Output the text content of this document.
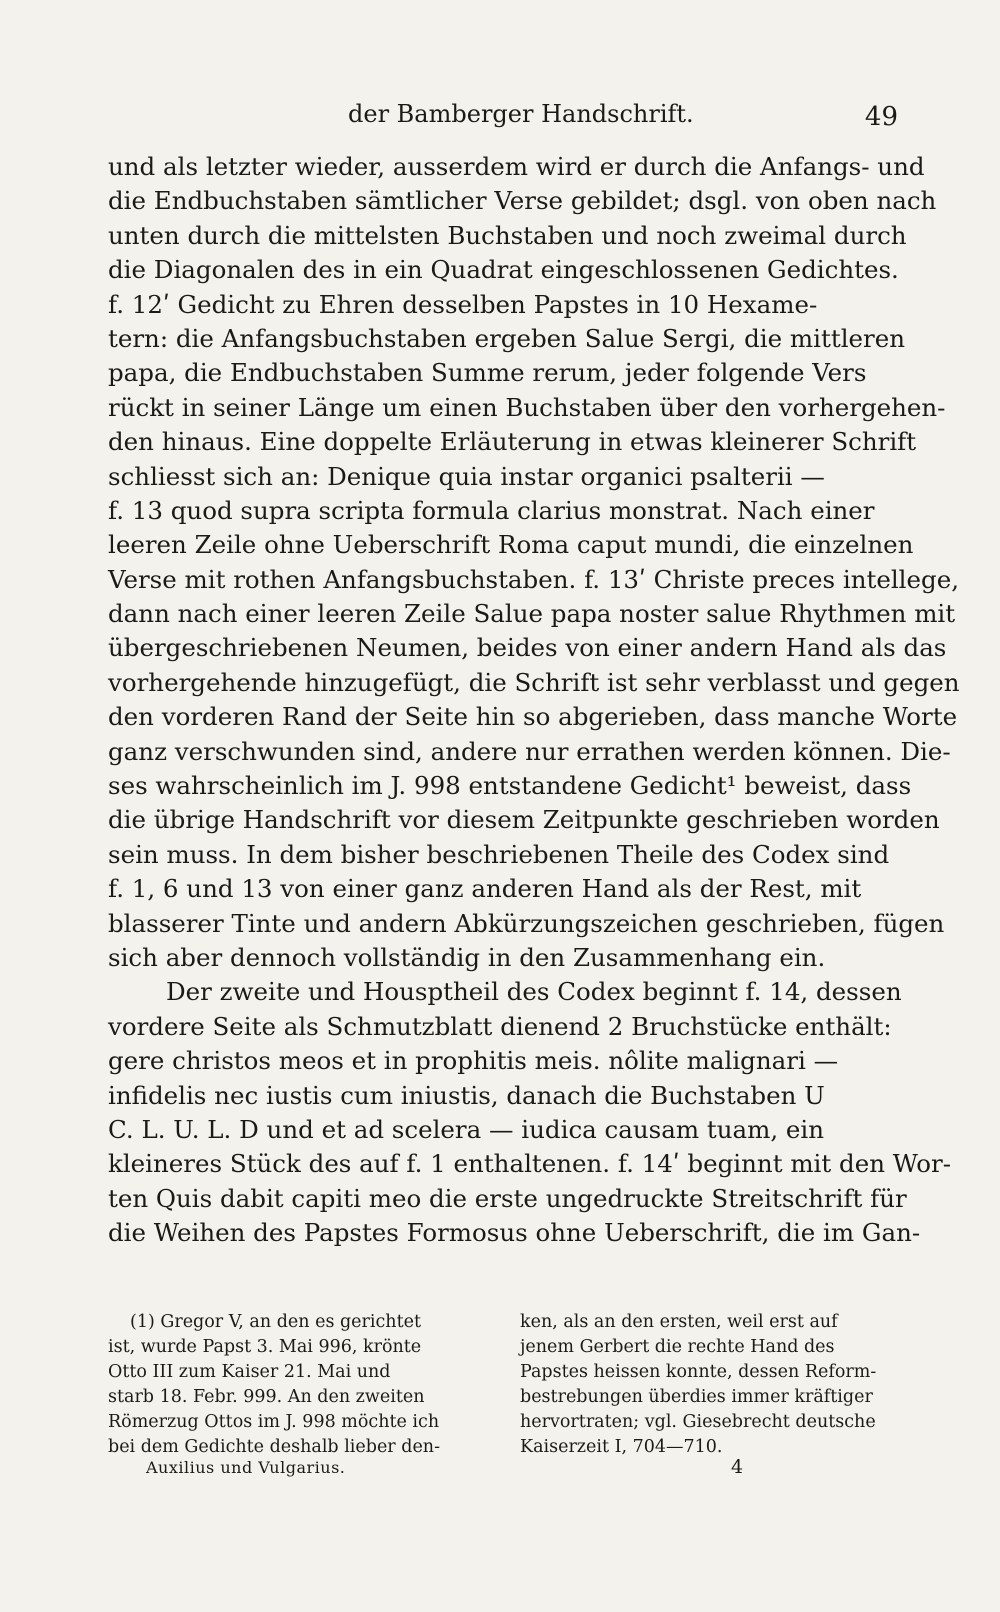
der Bamberger Handschrift.	49
und als letzter wieder, ausserdem wird er durch die Anfangs- und
die Endbuchstaben sämtlicher Verse gebildet; dsgl. von oben nach
unten durch die mittelsten Buchstaben und noch zweimal durch
die Diagonalen des in ein Quadrat eingeschlossenen Gedichtes.
f. 12ʹ Gedicht zu Ehren desselben Papstes in 10 Hexame-
tern: die Anfangsbuchstaben ergeben Salue Sergi, die mittleren
papa, die Endbuchstaben Summe rerum, jeder folgende Vers
rückt in seiner Länge um einen Buchstaben über den vorhergehen-
den hinaus. Eine doppelte Erläuterung in etwas kleinerer Schrift
schliesst sich an: Denique quia instar organici psalterii —
f. 13 quod supra scripta formula clarius monstrat. Nach einer
leeren Zeile ohne Ueberschrift Roma caput mundi, die einzelnen
Verse mit rothen Anfangsbuchstaben. f. 13ʹ Christe preces intellege,
dann nach einer leeren Zeile Salue papa noster salue Rhythmen mit
übergeschriebenen Neumen, beides von einer andern Hand als das
vorhergehende hinzugefügt, die Schrift ist sehr verblasst und gegen
den vorderen Rand der Seite hin so abgerieben, dass manche Worte
ganz verschwunden sind, andere nur errathen werden können. Die-
ses wahrscheinlich im J. 998 entstandene Gedicht¹ beweist, dass
die übrige Handschrift vor diesem Zeitpunkte geschrieben worden
sein muss. In dem bisher beschriebenen Theile des Codex sind
f. 1, 6 und 13 von einer ganz anderen Hand als der Rest, mit
blasserer Tinte und andern Abkürzungszeichen geschrieben, fügen
sich aber dennoch vollständig in den Zusammenhang ein.
Der zweite und Housptheil des Codex beginnt f. 14, dessen
vordere Seite als Schmutzblatt dienend 2 Bruchstücke enthält:
gere christos meos et in prophitis meis. nôlite malignari —
infidelis nec iustis cum iniustis, danach die Buchstaben U
C. L. U. L. D und et ad scelera — iudica causam tuam, ein
kleineres Stück des auf f. 1 enthaltenen. f. 14ʹ beginnt mit den Wor-
ten Quis dabit capiti meo die erste ungedruckte Streitschrift für
die Weihen des Papstes Formosus ohne Ueberschrift, die im Gan-
(1) Gregor V, an den es gerichtet
ist, wurde Papst 3. Mai 996, krönte
Otto III zum Kaiser 21. Mai und
starb 18. Febr. 999. An den zweiten
Römerzug Ottos im J. 998 möchte ich
bei dem Gedichte deshalb lieber den-
ken, als an den ersten, weil erst auf
jenem Gerbert die rechte Hand des
Papstes heissen konnte, dessen Reform-
bestrebungen überdies immer kräftiger
hervortraten; vgl. Giesebrecht deutsche
Kaiserzeit I, 704—710.
Auxilius und Vulgarius.	4
